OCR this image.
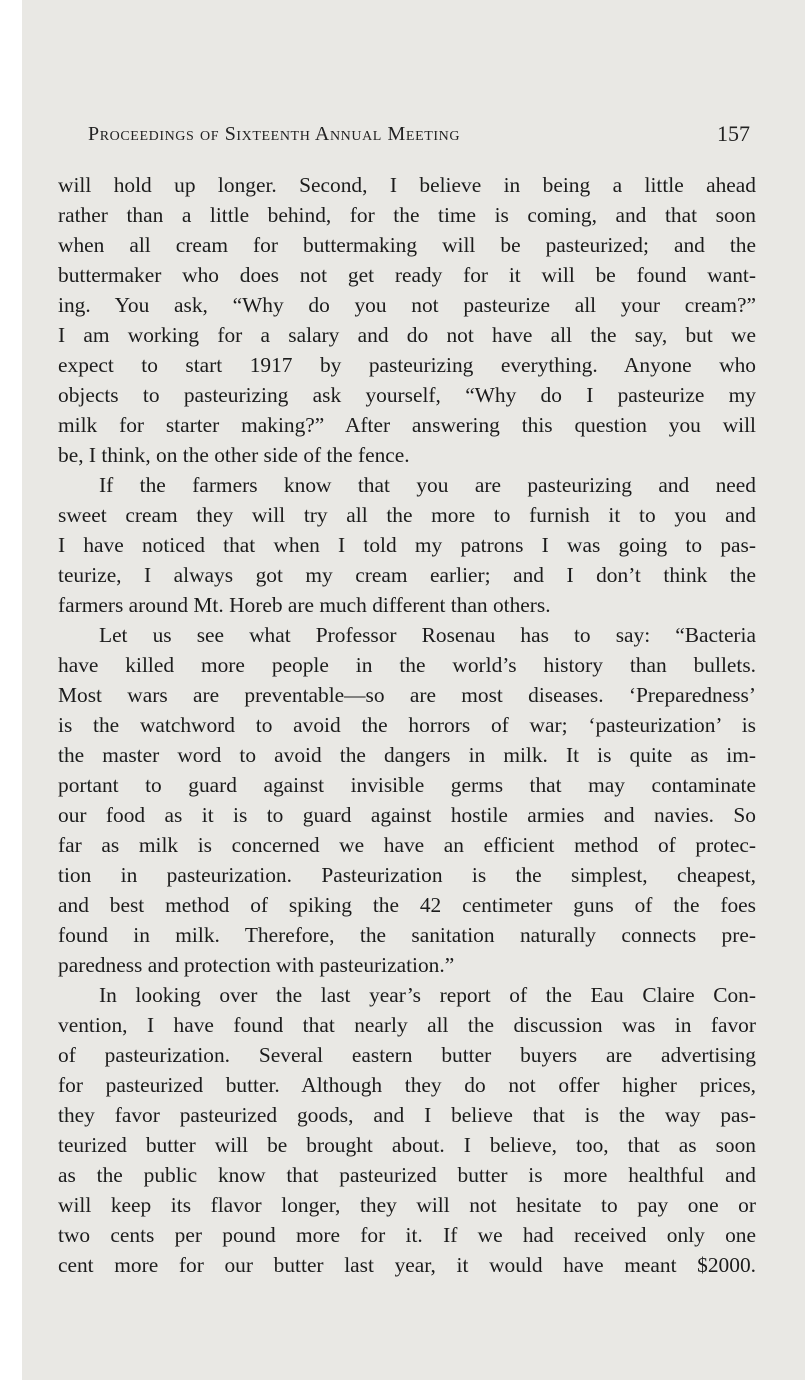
Proceedings of Sixteenth Annual Meeting	157
will hold up longer. Second, I believe in being a little ahead
rather than a little behind, for the time is coming, and that soon
when all cream for buttermaking will be pasteurized; and the
buttermaker who does not get ready for it will be found want-
ing. You ask, “Why do you not pasteurize all your cream?”
I am working for a salary and do not have all the say, but we
expect to start 1917 by pasteurizing everything. Anyone who
objects to pasteurizing ask yourself, “Why do I pasteurize my
milk for starter making?” After answering this question you will
be, I think, on the other side of the fence.
If the farmers know that you are pasteurizing and need
sweet cream they will try all the more to furnish it to you and
I have noticed that when I told my patrons I was going to pas-
teurize, I always got my cream earlier; and I don’t think the
farmers around Mt. Horeb are much different than others.
Let us see what Professor Rosenau has to say: “Bacteria
have killed more people in the world’s history than bullets.
Most wars are preventable—so are most diseases. ‘Preparedness’
is the watchword to avoid the horrors of war; ‘pasteurization’ is
the master word to avoid the dangers in milk. It is quite as im-
portant to guard against invisible germs that may contaminate
our food as it is to guard against hostile armies and navies. So
far as milk is concerned we have an efficient method of protec-
tion in pasteurization. Pasteurization is the simplest, cheapest,
and best method of spiking the 42 centimeter guns of the foes
found in milk. Therefore, the sanitation naturally connects pre-
paredness and protection with pasteurization.”
In looking over the last year’s report of the Eau Claire Con-
vention, I have found that nearly all the discussion was in favor
of pasteurization. Several eastern butter buyers are advertising
for pasteurized butter. Although they do not offer higher prices,
they favor pasteurized goods, and I believe that is the way pas-
teurized butter will be brought about. I believe, too, that as soon
as the public know that pasteurized butter is more healthful and
will keep its flavor longer, they will not hesitate to pay one or
two cents per pound more for it. If we had received only one
cent more for our butter last year, it would have meant $2000.
